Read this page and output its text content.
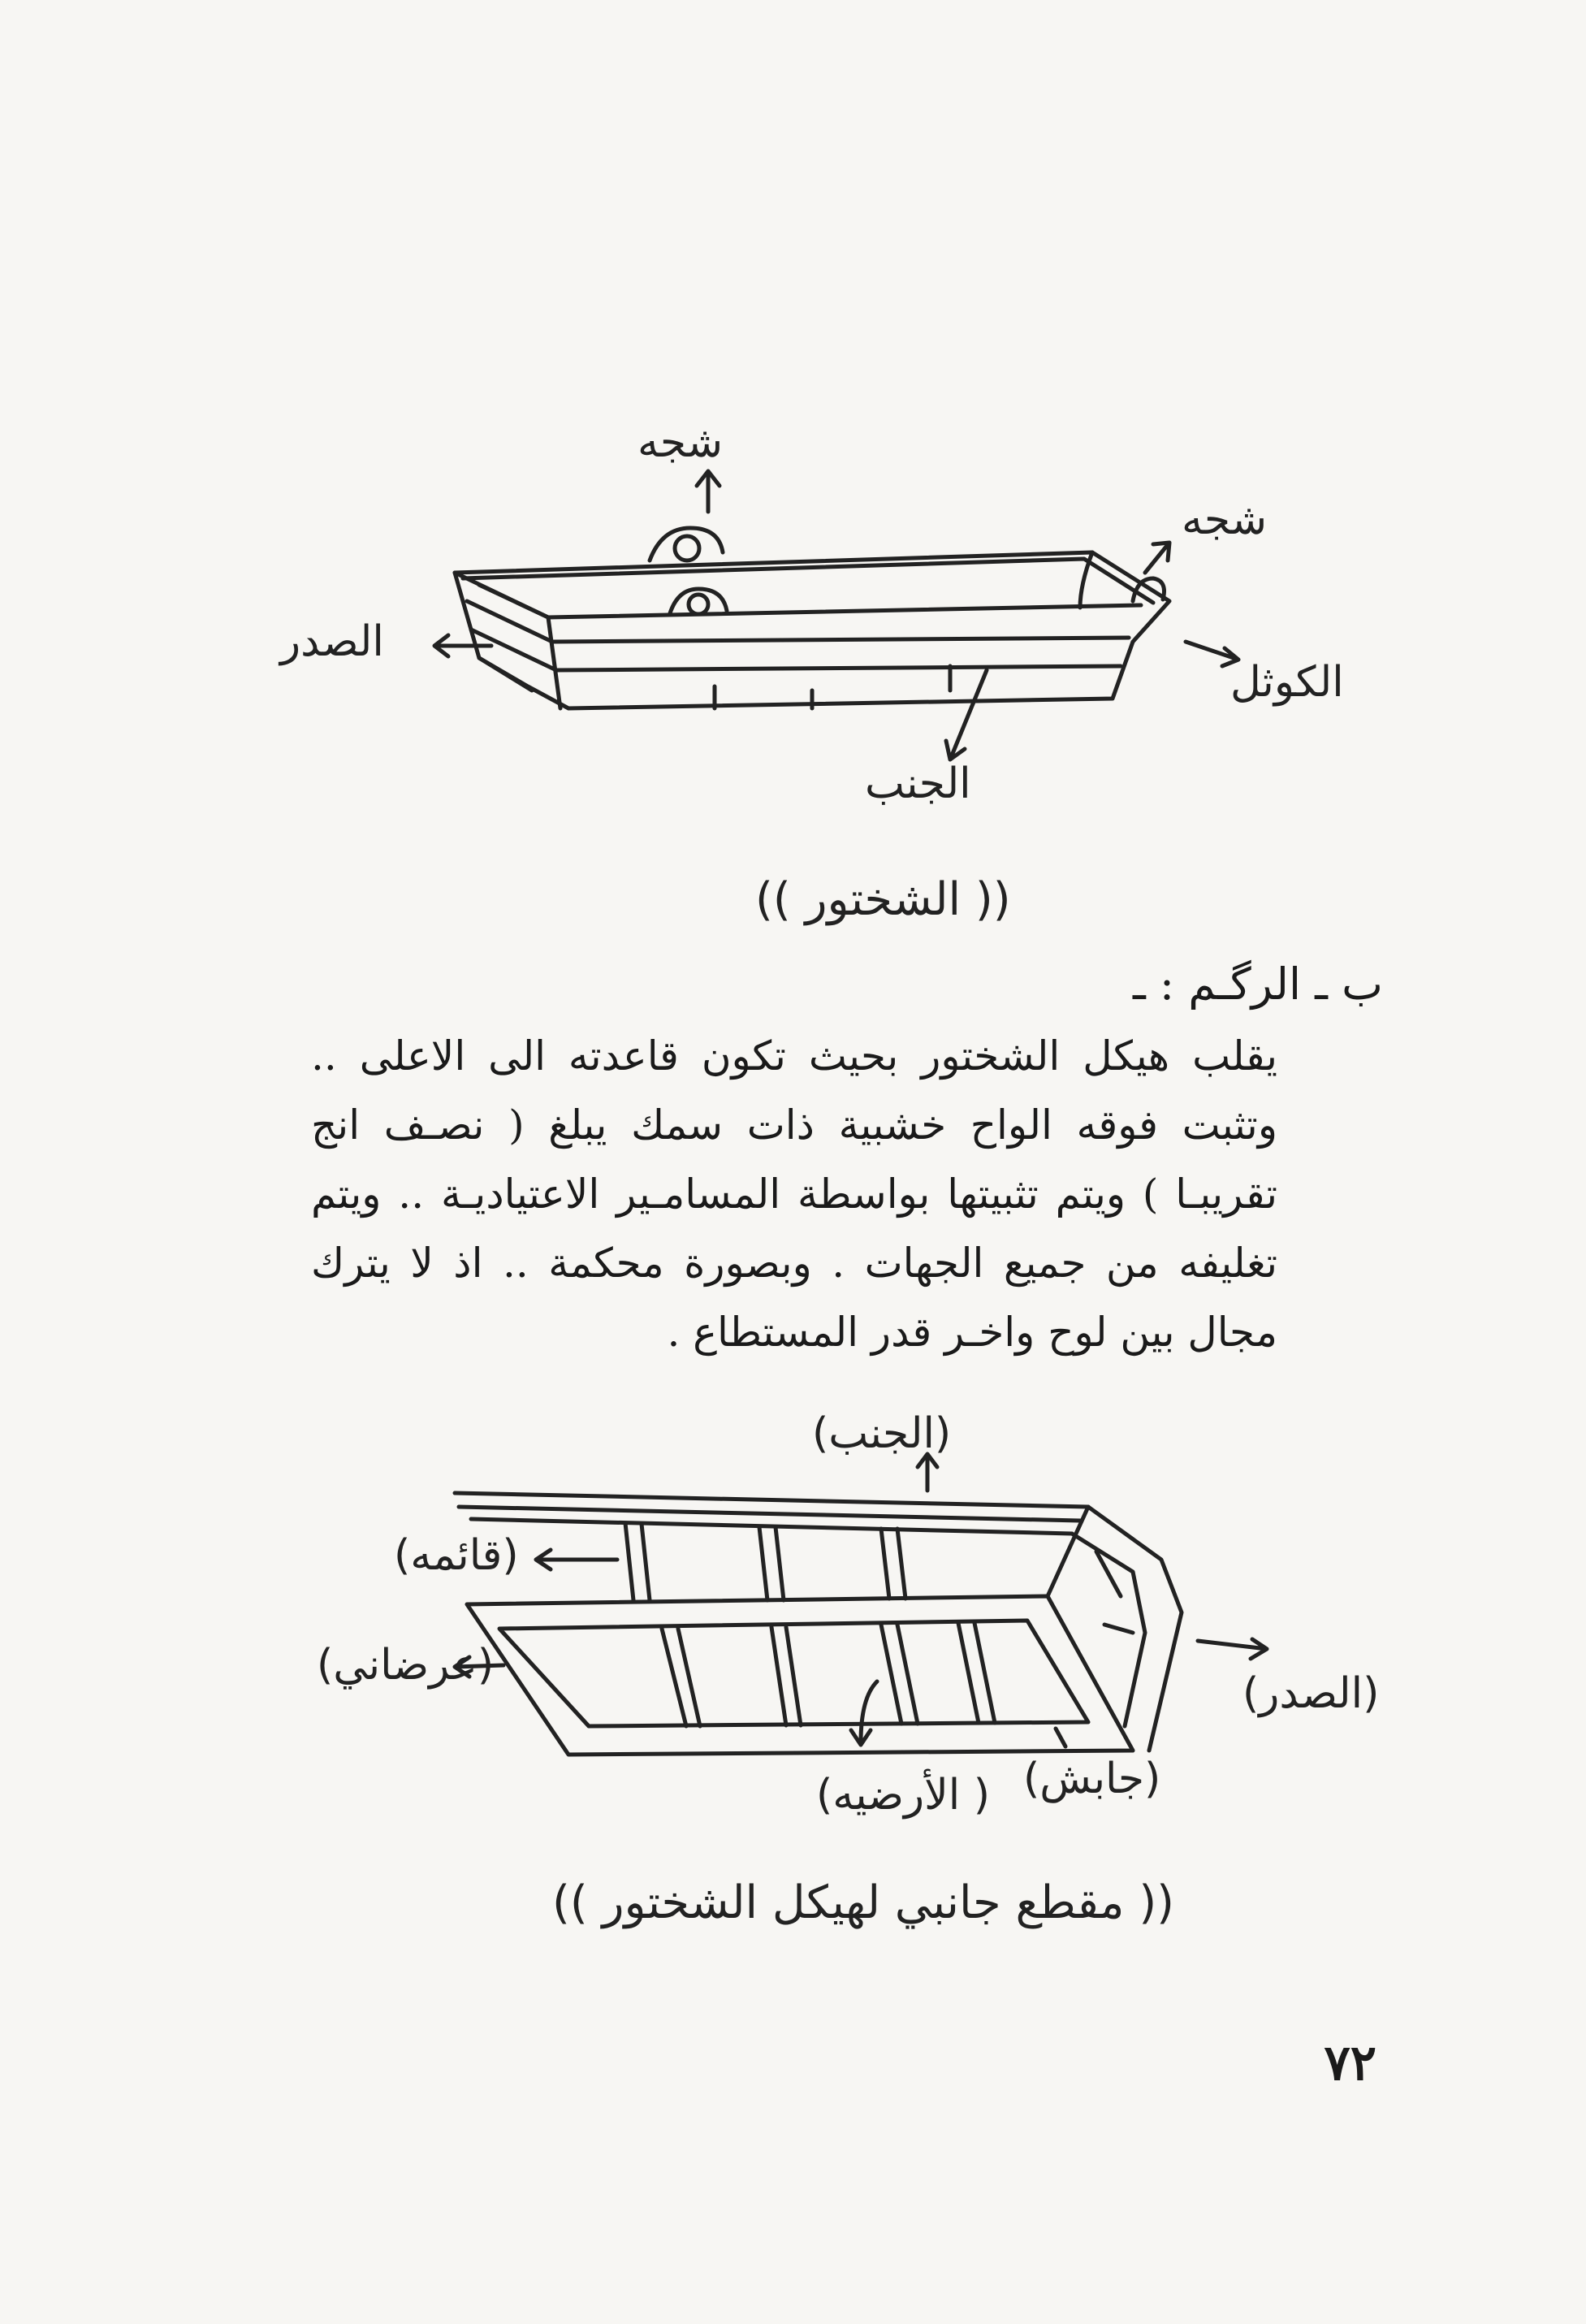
شجه
شجه
الصدر
الكوثل
الجنب
(( الشختور ))
ب ـ الرگـم : ـ
يقلب هيكل الشختور بحيث تكون قاعدته الى الاعلى .. وتثبت فوقه الواح خشبية ذات سمك يبلغ ( نصـف انج تقريبـا ) ويتم تثبيتها بواسطة المسامـير الاعتياديـة .. ويتم تغليفه من جميع الجهات . وبصورة محكمة .. اذ لا يترك مجال بين لوح واخـر قدر المستطاع .
(الجنب)
(قائمه)
(عرضاني)
(الصدر)
(جابش)
( الأرضيه)
(( مقطع جانبي لهيكل الشختور ))
٧٢
